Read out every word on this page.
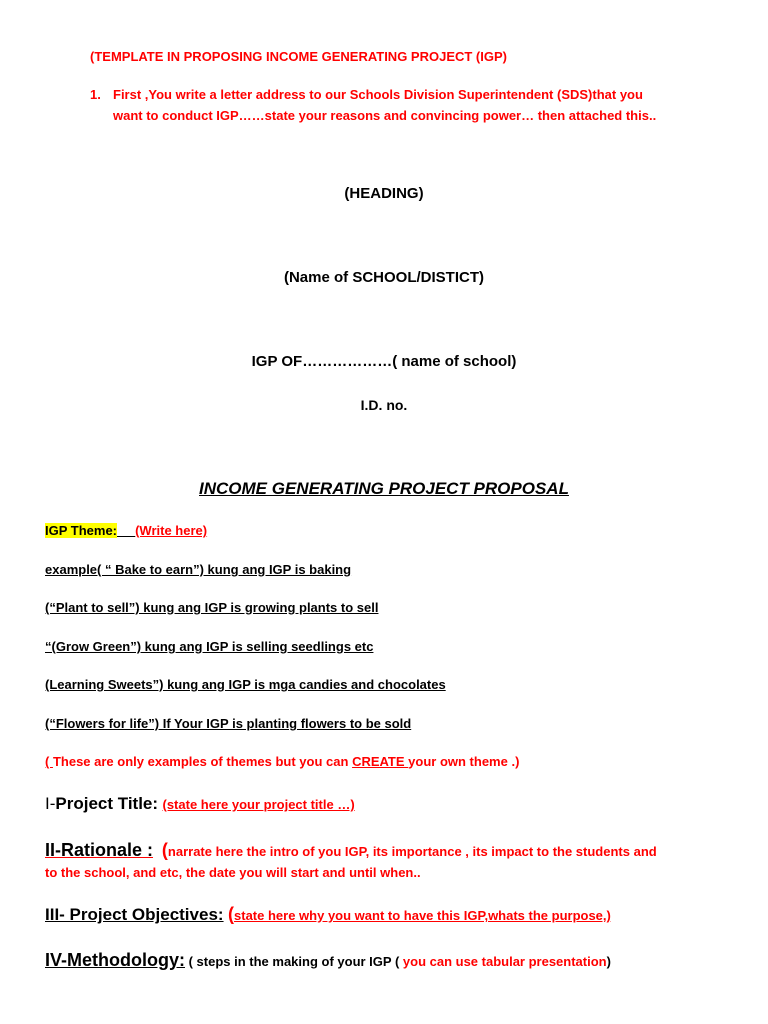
(TEMPLATE IN PROPOSING INCOME GENERATING PROJECT (IGP)
1. First ,You write a letter address to our Schools Division Superintendent (SDS)that you
want to conduct IGP……state your reasons and convincing power… then attached this..
(HEADING)
(Name of SCHOOL/DISTICT)
IGP OF………………( name of school)
I.D. no.
INCOME GENERATING PROJECT PROPOSAL
IGP Theme: (Write here)
example( “ Bake to earn”) kung ang IGP is baking
(“Plant to sell”) kung ang IGP is growing plants to sell
“(Grow Green”) kung ang IGP is selling seedlings etc
(Learning Sweets”) kung ang IGP is mga candies and chocolates
(“Flowers for life”) If Your IGP is planting flowers to be sold
( These are only examples of themes but you can CREATE your own theme .)
I-Project Title: (state here your project title …)
II-Rationale : (narrate here the intro of you IGP, its importance , its impact to the students and
to the school, and etc, the date you will start and until when..
III- Project Objectives: (state here why you want to have this IGP,whats the purpose,)
IV-Methodology: ( steps in the making of your IGP ( you can use tabular presentation)
